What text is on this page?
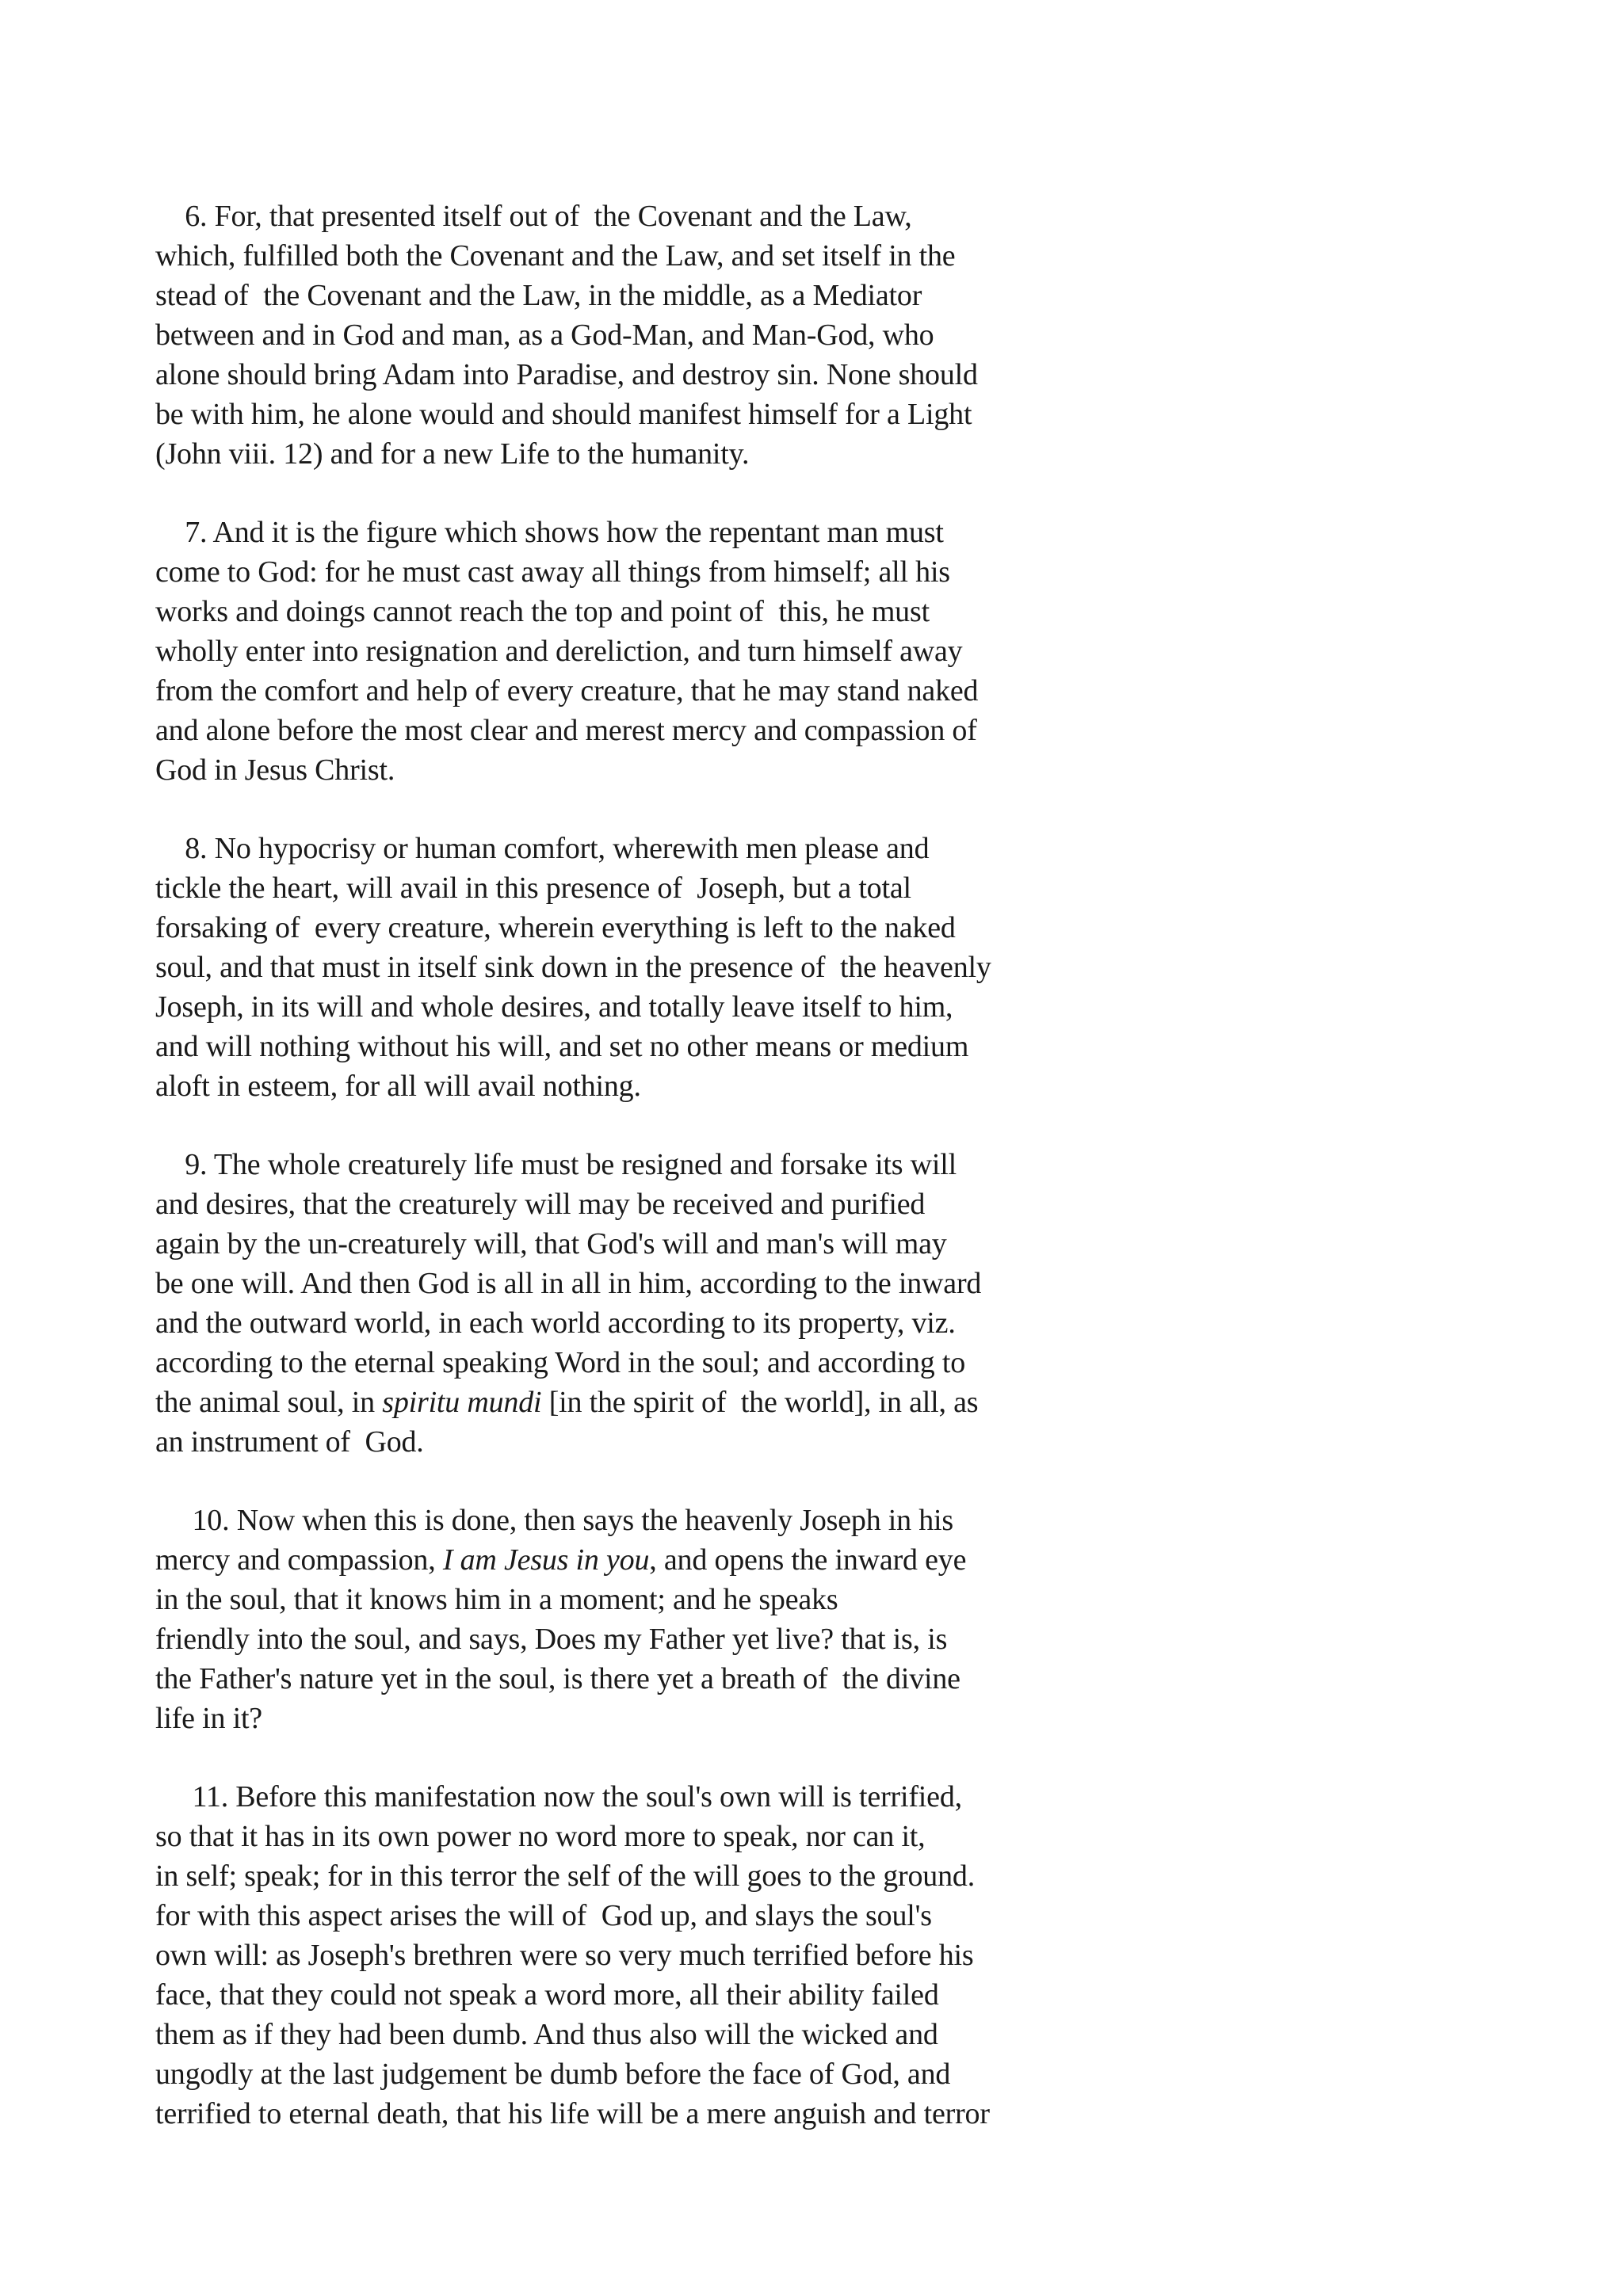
6. For, that presented itself out of  the Covenant and the Law,
which, fulfilled both the Covenant and the Law, and set itself in the
stead of  the Covenant and the Law, in the middle, as a Mediator
between and in God and man, as a God-Man, and Man-God, who
alone should bring Adam into Paradise, and destroy sin. None should
be with him, he alone would and should manifest himself for a Light
(John viii. 12) and for a new Life to the humanity.
7. And it is the figure which shows how the repentant man must
come to God: for he must cast away all things from himself; all his
works and doings cannot reach the top and point of  this, he must
wholly enter into resignation and dereliction, and turn himself away
from the comfort and help of every creature, that he may stand naked
and alone before the most clear and merest mercy and compassion of
God in Jesus Christ.
8. No hypocrisy or human comfort, wherewith men please and
tickle the heart, will avail in this presence of  Joseph, but a total
forsaking of  every creature, wherein everything is left to the naked
soul, and that must in itself sink down in the presence of  the heavenly
Joseph, in its will and whole desires, and totally leave itself to him,
and will nothing without his will, and set no other means or medium
aloft in esteem, for all will avail nothing.
9. The whole creaturely life must be resigned and forsake its will
and desires, that the creaturely will may be received and purified
again by the un-creaturely will, that God's will and man's will may
be one will. And then God is all in all in him, according to the inward
and the outward world, in each world according to its property, viz.
according to the eternal speaking Word in the soul; and according to
the animal soul, in spiritu mundi [in the spirit of  the world], in all, as
an instrument of  God.
10. Now when this is done, then says the heavenly Joseph in his
mercy and compassion, I am Jesus in you, and opens the inward eye
in the soul, that it knows him in a moment; and he speaks
friendly into the soul, and says, Does my Father yet live? that is, is
the Father's nature yet in the soul, is there yet a breath of  the divine
life in it?
11. Before this manifestation now the soul's own will is terrified,
so that it has in its own power no word more to speak, nor can it,
in self; speak; for in this terror the self of the will goes to the ground.
for with this aspect arises the will of  God up, and slays the soul's
own will: as Joseph's brethren were so very much terrified before his
face, that they could not speak a word more, all their ability failed
them as if they had been dumb. And thus also will the wicked and
ungodly at the last judgement be dumb before the face of God, and
terrified to eternal death, that his life will be a mere anguish and terror
